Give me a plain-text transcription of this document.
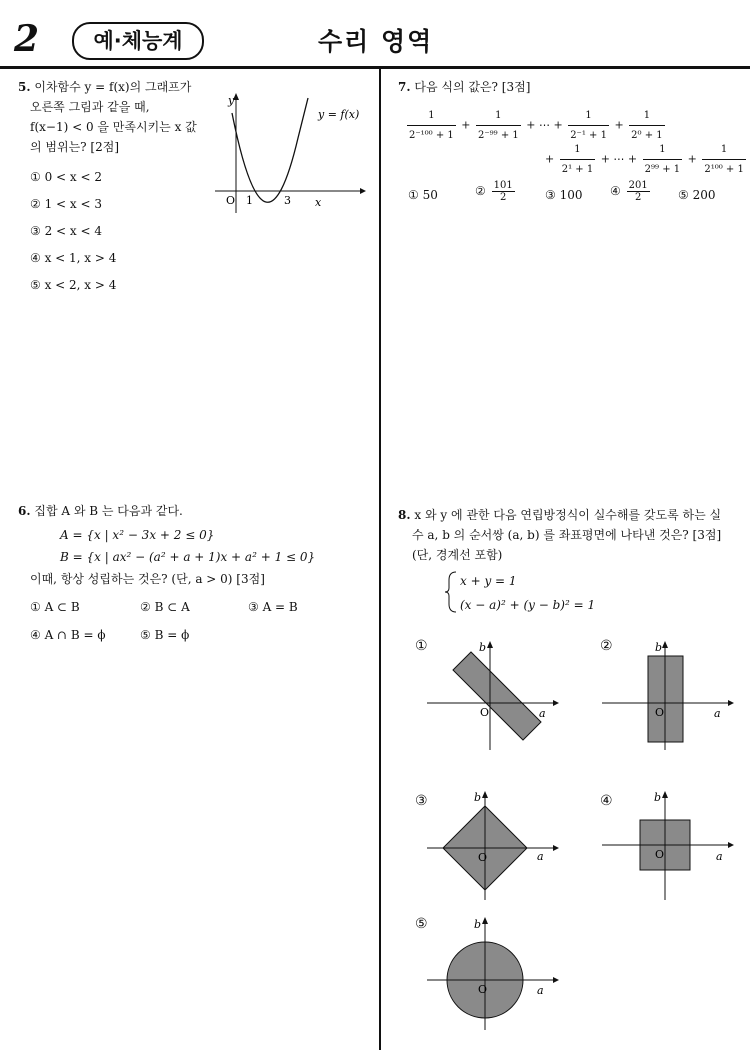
2	예·체능계	수리 영역
5. 이차함수 y = f(x)의 그래프가
오른쪽 그림과 같을 때,
f(x−1) < 0 을 만족시키는 x 값
의 범위는? [2점]
① 0 < x < 2
② 1 < x < 3
③ 2 < x < 4
④ x < 1, x > 4
⑤ x < 2, x > 4
y
x
O 1	3
y = f(x)
6. 집합 A 와 B 는 다음과 같다.
A = {x | x² − 3x + 2 ≤ 0}
B = {x | ax² − (a² + a + 1)x + a² + 1 ≤ 0}
이때, 항상 성립하는 것은? (단, a > 0) [3점]
① A ⊂ B	② B ⊂ A	③ A = B
④ A ∩ B = ϕ	⑤ B = ϕ
7. 다음 식의 값은? [3점]
$\frac{1}{\text{2⁻¹⁰⁰ + 1}} + \frac{1}{\text{2⁻⁹⁹ + 1}}$ + ⋯ + $\frac{1}{\text{2⁻¹ + 1}} + \frac{1}{\text{2⁰ + 1}}$
+ $\frac{1}{\text{2¹ + 1}}$ + ⋯ + $\frac{1}{\text{2⁹⁹ + 1}} + \frac{1}{\text{2¹⁰⁰ + 1}}$
① 50	② $\frac{101}{2}$	③ 100 ④ $\frac{201}{2}$ ⑤ 200
8. x 와 y 에 관한 다음 연립방정식이 실수해를 갖도록 하는 실
수 a, b 의 순서쌍 (a, b) 를 좌표평면에 나타낸 것은? [3점]
(단, 경계선 포함)
x + y = 1
(x − a)² + (y − b)² = 1
①	b
a
O
②	b
a
O
③	b
a
O
④	b
a
O
⑤	b
a
O
